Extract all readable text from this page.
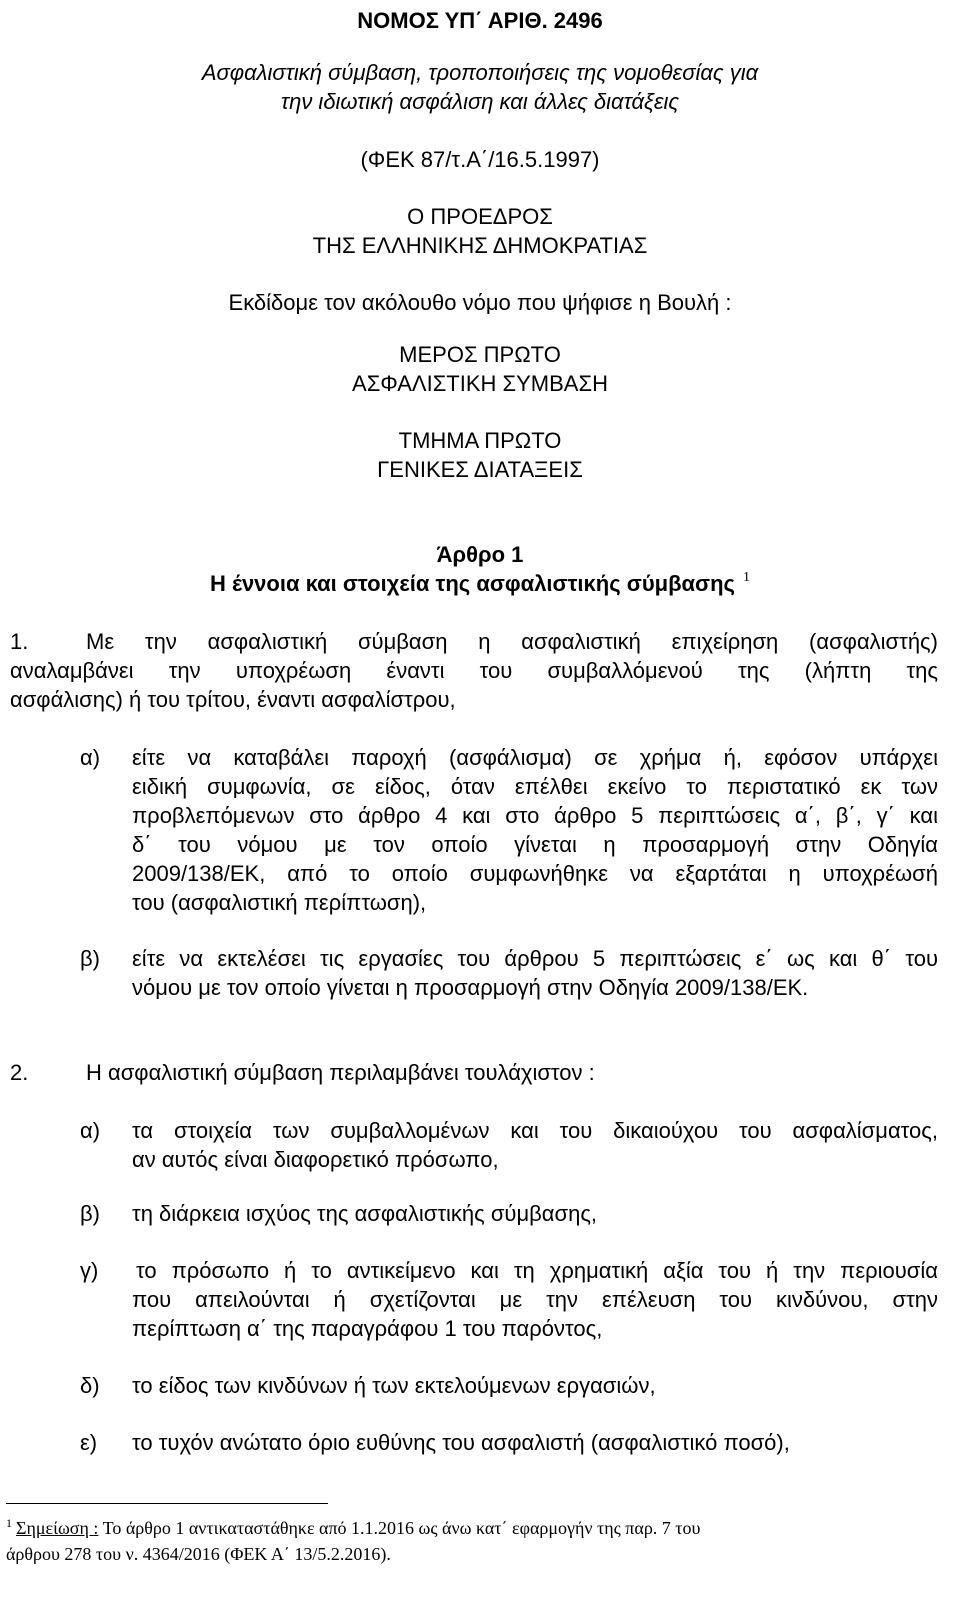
ΝΟΜΟΣ ΥΠ΄ ΑΡΙΘ. 2496
Ασφαλιστική σύμβαση, τροποποιήσεις της νομοθεσίας για
την ιδιωτική ασφάλιση και άλλες διατάξεις
(ΦΕΚ 87/τ.Α΄/16.5.1997)
Ο ΠΡΟΕΔΡΟΣ
ΤΗΣ ΕΛΛΗΝΙΚΗΣ ΔΗΜΟΚΡΑΤΙΑΣ
Εκδίδομε τον ακόλουθο νόμο που ψήφισε η Βουλή :
ΜΕΡΟΣ ΠΡΩΤΟ
ΑΣΦΑΛΙΣΤΙΚΗ ΣΥΜΒΑΣΗ
ΤΜΗΜΑ ΠΡΩΤΟ
ΓΕΝΙΚΕΣ ΔΙΑΤΑΞΕΙΣ
Άρθρο 1
Η έννοια και στοιχεία της ασφαλιστικής σύμβασης $^1$
1.	Με την ασφαλιστική σύμβαση η ασφαλιστική επιχείρηση (ασφαλιστής)
αναλαμβάνει την υποχρέωση έναντι του συμβαλλόμενού της (λήπτη της
ασφάλισης) ή του τρίτου, έναντι ασφαλίστρου,
α) είτε να καταβάλει παροχή (ασφάλισμα) σε χρήμα ή, εφόσον υπάρχει
ειδική συμφωνία, σε είδος, όταν επέλθει εκείνο το περιστατικό εκ των
προβλεπόμενων στο άρθρο 4 και στο άρθρο 5 περιπτώσεις α΄, β΄, γ΄ και
δ΄ του νόμου με τον οποίο γίνεται η προσαρμογή στην Οδηγία
2009/138/ΕΚ, από το οποίο συμφωνήθηκε να εξαρτάται η υποχρέωσή
του (ασφαλιστική περίπτωση),
β) είτε να εκτελέσει τις εργασίες του άρθρου 5 περιπτώσεις ε΄ ως και θ΄ του
νόμου με τον οποίο γίνεται η προσαρμογή στην Οδηγία 2009/138/ΕΚ.
2.	Η ασφαλιστική σύμβαση περιλαμβάνει τουλάχιστον :
α) τα στοιχεία των συμβαλλομένων και του δικαιούχου του ασφαλίσματος,
αν αυτός είναι διαφορετικό πρόσωπο,
β) τη διάρκεια ισχύος της ασφαλιστικής σύμβασης,
γ) το πρόσωπο ή το αντικείμενο και τη χρηματική αξία του ή την περιουσία
που απειλούνται ή σχετίζονται με την επέλευση του κινδύνου, στην
περίπτωση α΄ της παραγράφου 1 του παρόντος,
δ) το είδος των κινδύνων ή των εκτελούμενων εργασιών,
ε) το τυχόν ανώτατο όριο ευθύνης του ασφαλιστή (ασφαλιστικό ποσό),
$^1$ Σημείωση : Το άρθρο 1 αντικαταστάθηκε από 1.1.2016 ως άνω κατ΄ εφαρμογήν της παρ. 7 του
άρθρου 278 του ν. 4364/2016 (ΦΕΚ Α΄ 13/5.2.2016).
